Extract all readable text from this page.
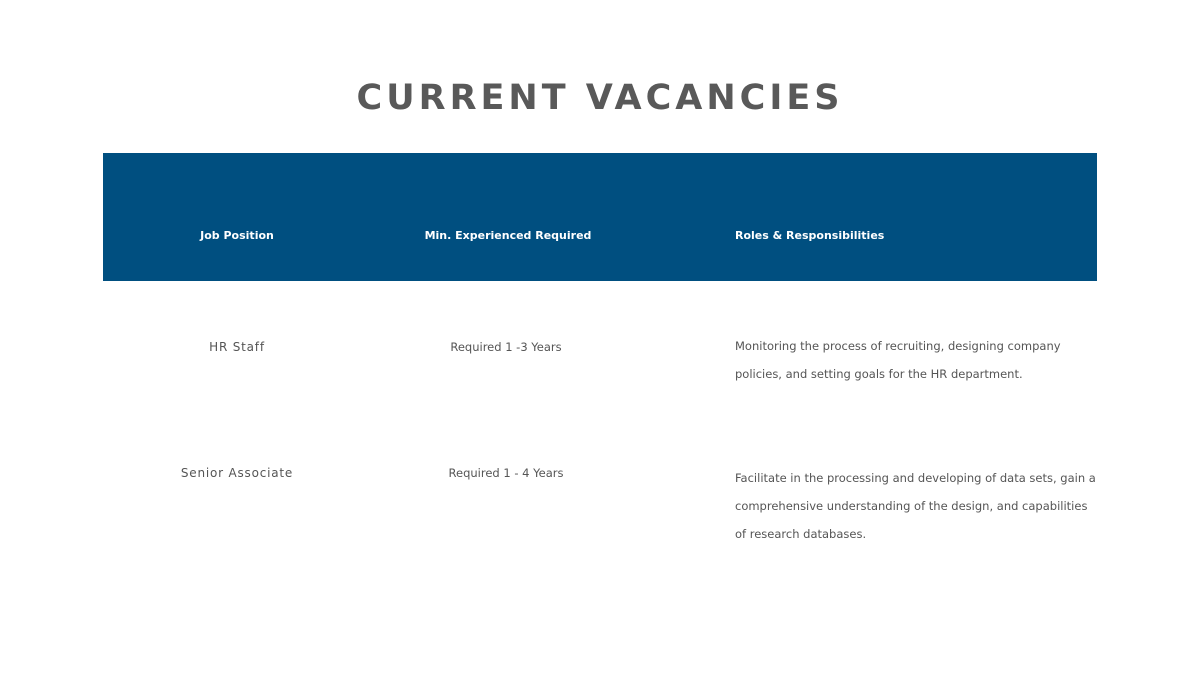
CURRENT VACANCIES
Job Position	Min. Experienced Required	Roles & Responsibilities
HR Staff	Required 1 -3 Years	Monitoring the process of recruiting, designing company policies, and setting goals for the HR department.
Senior Associate	Required 1 - 4 Years	Facilitate in the processing and developing of data sets, gain a comprehensive understanding of the design, and capabilities of research databases.
